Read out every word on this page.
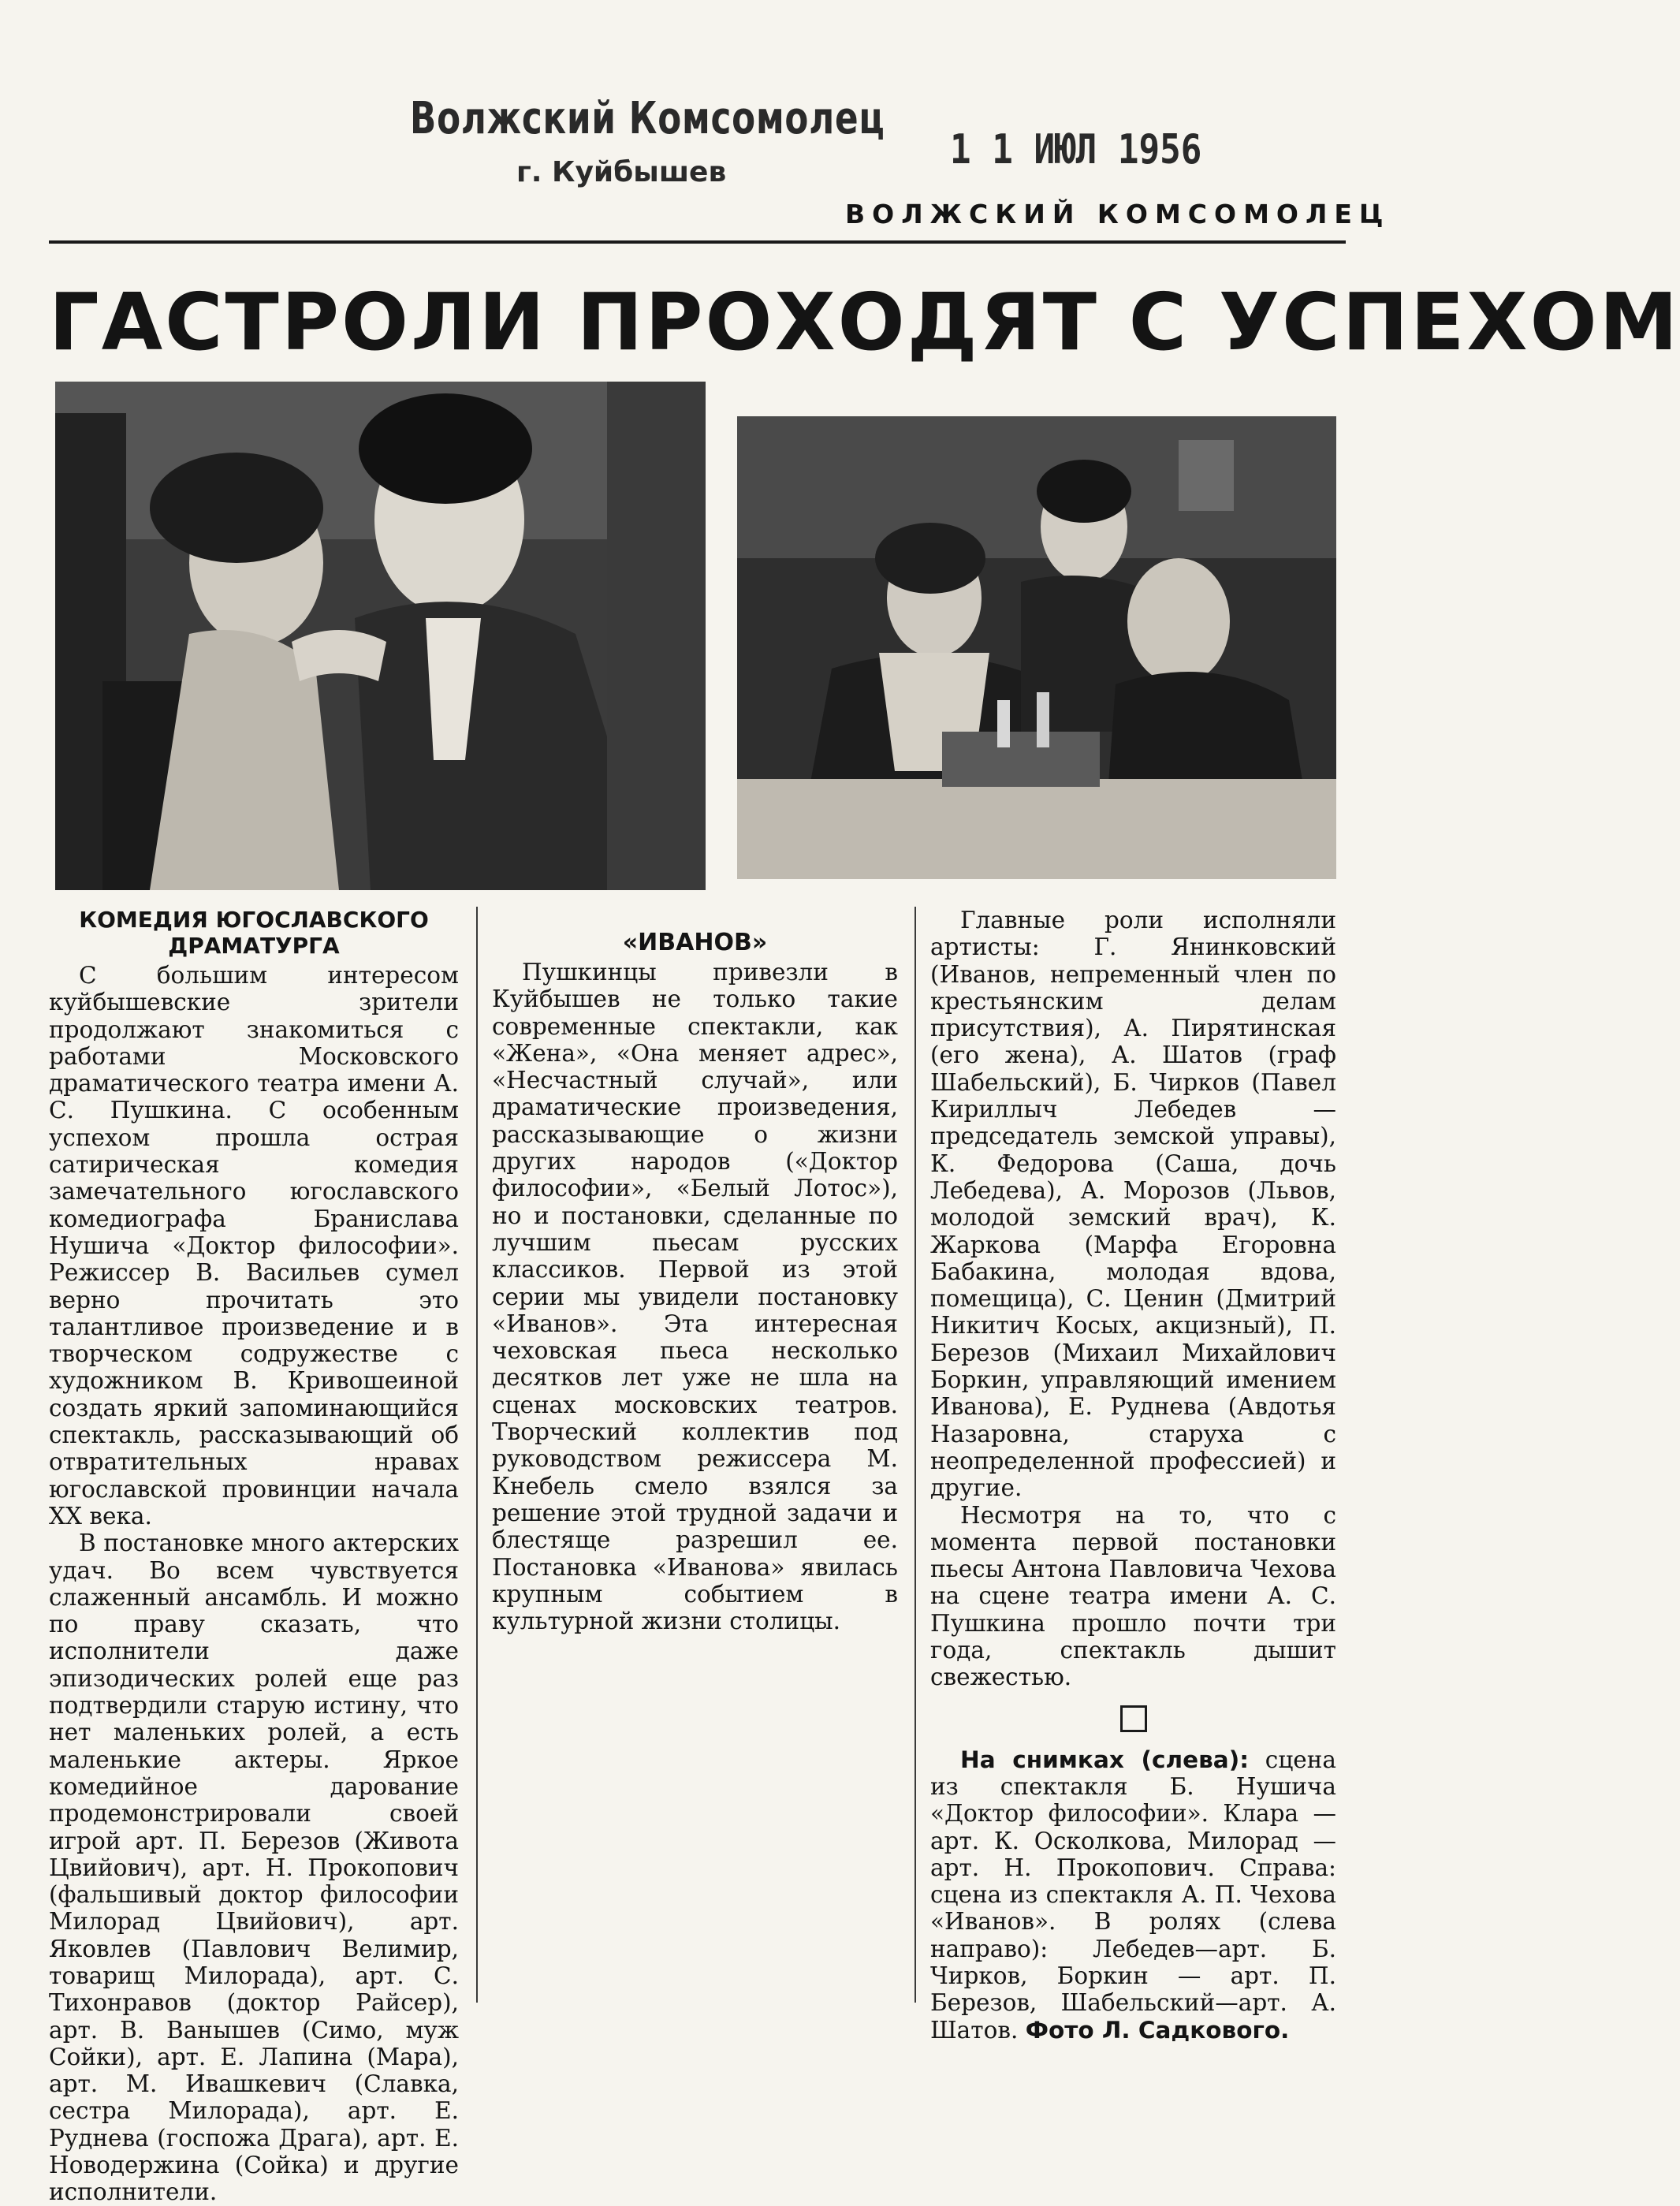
Волжский Комсомолец
г. Куйбышев	1 1 ИЮЛ 1956
ВОЛЖСКИЙ КОМСОМОЛЕЦ
ГАСТРОЛИ ПРОХОДЯТ С УСПЕХОМ
КОМЕДИЯ ЮГОСЛАВСКОГО ДРАМАТУРГА

С большим интересом куйбышевские зрители продолжают знакомиться с работами Московского драматического театра имени А. С. Пушкина. С особенным успехом прошла острая сатирическая комедия замечательного югославского комедиографа Бранислава Нушича «Доктор философии». Режиссер В. Васильев сумел верно прочитать это талантливое произведение и в творческом содружестве с художником В. Кривошеиной создать яркий запоминающийся спектакль, рассказывающий об отвратительных нравах югославской провинции начала XX века.

В постановке много актерских удач. Во всем чувствуется слаженный ансамбль. И можно по праву сказать, что исполнители даже эпизодических ролей еще раз подтвердили старую истину, что нет маленьких ролей, а есть маленькие актеры. Яркое комедийное дарование продемонстрировали своей игрой арт. П. Березов (Живота Цвийович), арт. Н. Прокопович (фальшивый доктор философии Милорад Цвийович), арт. Яковлев (Павлович Велимир, товарищ Милорада), арт. С. Тихонравов (доктор Райсер), арт. В. Ванышев (Симо, муж Сойки), арт. Е. Лапина (Мара), арт. М. Ивашкевич (Славка, сестра Милорада), арт. Е. Руднева (госпожа Драга), арт. Е. Новодержина (Сойка) и другие исполнители.

«ИВАНОВ»

Пушкинцы привезли в Куйбышев не только такие современные спектакли, как «Жена», «Она меняет адрес», «Несчастный случай», или драматические произведения, рассказывающие о жизни других народов («Доктор философии», «Белый Лотос»), но и постановки, сделанные по лучшим пьесам русских классиков. Первой из этой серии мы увидели постановку «Иванов». Эта интересная чеховская пьеса несколько десятков лет уже не шла на сценах московских театров. Творческий коллектив под руководством режиссера М. Кнебель смело взялся за решение этой трудной задачи и блестяще разрешил ее. Постановка «Иванова» явилась крупным событием в культурной жизни столицы.

Главные роли исполняли артисты: Г. Янинковский (Иванов, непременный член по крестьянским делам присутствия), А. Пирятинская (его жена), А. Шатов (граф Шабельский), Б. Чирков (Павел Кириллыч Лебедев — председатель земской управы), К. Федорова (Саша, дочь Лебедева), А. Морозов (Львов, молодой земский врач), К. Жаркова (Марфа Егоровна Бабакина, молодая вдова, помещица), С. Ценин (Дмитрий Никитич Косых, акцизный), П. Березов (Михаил Михайлович Боркин, управляющий имением Иванова), Е. Руднева (Авдотья Назаровна, старуха с неопределенной профессией) и другие.

Несмотря на то, что с момента первой постановки пьесы Антона Павловича Чехова на сцене театра имени А. С. Пушкина прошло почти три года, спектакль дышит свежестью.

На снимках (слева): сцена из спектакля Б. Нушича «Доктор философии». Клара — арт. К. Осколкова, Милорад — арт. Н. Прокопович. Справа: сцена из спектакля А. П. Чехова «Иванов». В ролях (слева направо): Лебедев—арт. Б. Чирков, Боркин — арт. П. Березов, Шабельский—арт. А. Шатов. Фото Л. Садкового.
